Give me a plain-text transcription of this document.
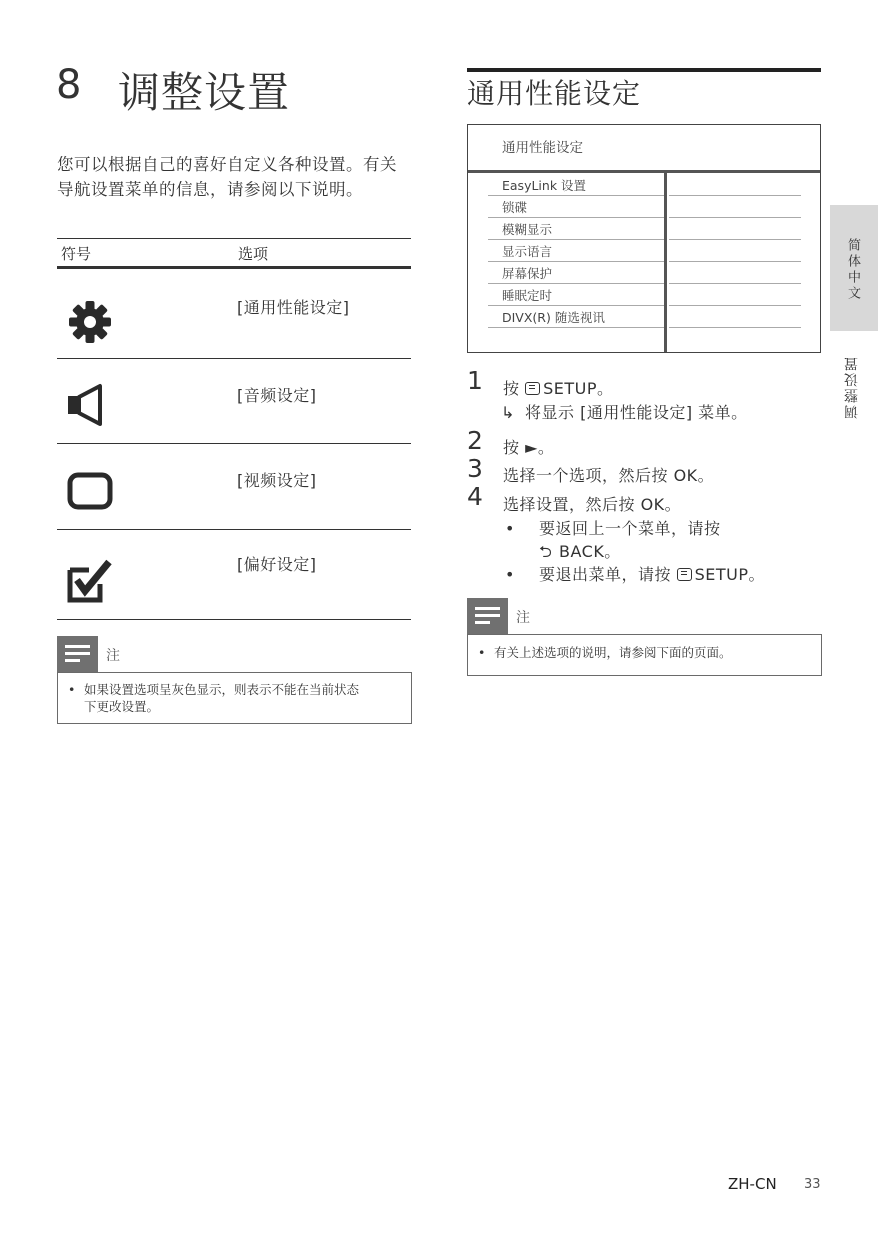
8 调整设置
您可以根据自己的喜好自定义各种设置。有关导航设置菜单的信息，请参阅以下说明。
符号	选项
[通用性能设定]
[音频设定]
[视频设定]
[偏好设定]
注
• 如果设置选项呈灰色显示，则表示不能在当前状态
下更改设置。
通用性能设定
通用性能设定
EasyLink 设置
锁碟
模糊显示
显示语言
屏幕保护
睡眠定时
DIVX(R) 随选视讯
1 按
SETUP。
↳ 将显示 [通用性能设定] 菜单。
2 按 ►。
3 选择一个选项，然后按 OK。
4 选择设置，然后按 OK。
• 要返回上一个菜单，请按
⮌ BACK。
• 要退出菜单，请按
SETUP。
注
• 有关上述选项的说明，请参阅下面的页面。
简体中文
调整设置
ZH-CN 33
